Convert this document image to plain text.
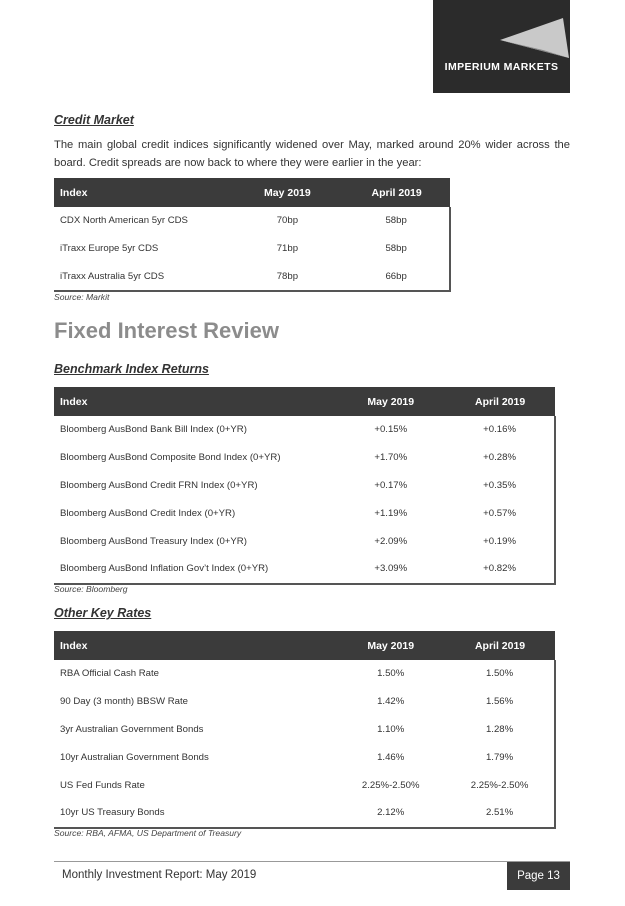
IMPERIUM MARKETS
Credit Market
The main global credit indices significantly widened over May, marked around 20% wider across the board. Credit spreads are now back to where they were earlier in the year:
Index	May 2019	April 2019
CDX North American 5yr CDS	70bp	58bp
iTraxx Europe 5yr CDS	71bp	58bp
iTraxx Australia 5yr CDS	78bp	66bp
Source: Markit
Fixed Interest Review
Benchmark Index Returns
Index	May 2019	April 2019
Bloomberg AusBond Bank Bill Index (0+YR)	+0.15%	+0.16%
Bloomberg AusBond Composite Bond Index (0+YR)	+1.70%	+0.28%
Bloomberg AusBond Credit FRN Index (0+YR)	+0.17%	+0.35%
Bloomberg AusBond Credit Index (0+YR)	+1.19%	+0.57%
Bloomberg AusBond Treasury Index (0+YR)	+2.09%	+0.19%
Bloomberg AusBond Inflation Gov’t Index (0+YR)	+3.09%	+0.82%
Source: Bloomberg
Other Key Rates
Index	May 2019	April 2019
RBA Official Cash Rate	1.50%	1.50%
90 Day (3 month) BBSW Rate	1.42%	1.56%
3yr Australian Government Bonds	1.10%	1.28%
10yr Australian Government Bonds	1.46%	1.79%
US Fed Funds Rate	2.25%-2.50%	2.25%-2.50%
10yr US Treasury Bonds	2.12%	2.51%
Source: RBA, AFMA, US Department of Treasury
Monthly Investment Report: May 2019	Page 13
